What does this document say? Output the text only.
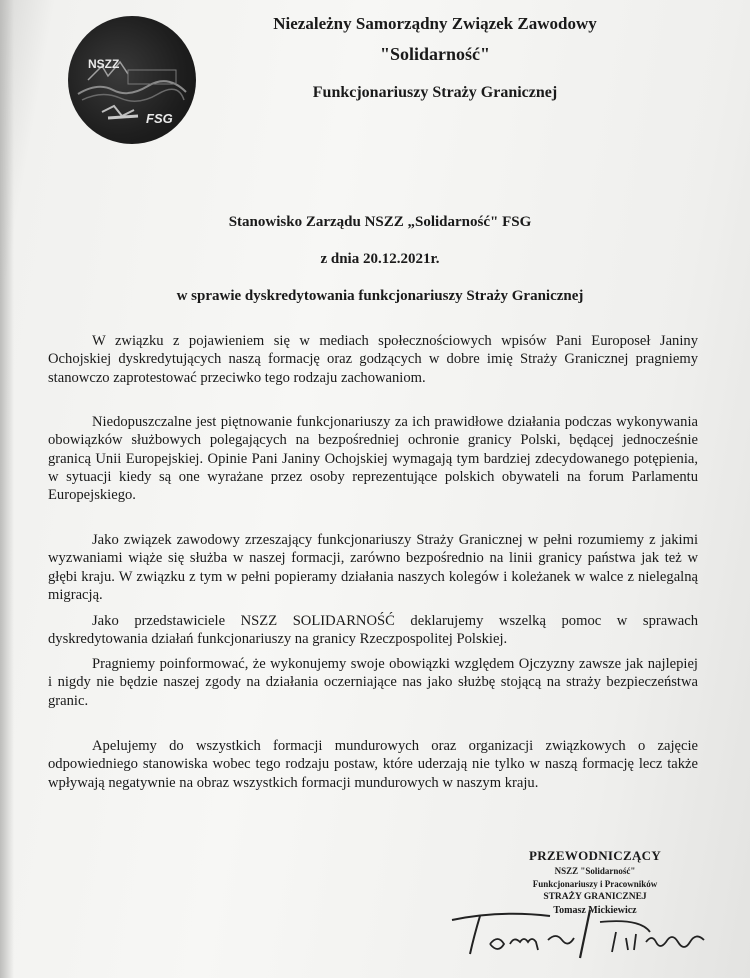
NSZZ
FSG
Niezależny Samorządny Związek Zawodowy
"Solidarność"
Funkcjonariuszy Straży Granicznej
Stanowisko Zarządu NSZZ „Solidarność" FSG
z dnia 20.12.2021r.
w sprawie dyskredytowania funkcjonariuszy Straży Granicznej

W związku z pojawieniem się w mediach społecznościowych wpisów Pani Europoseł Janiny Ochojskiej dyskredytujących naszą formację oraz godzących w dobre imię Straży Granicznej pragniemy stanowczo zaprotestować przeciwko tego rodzaju zachowaniom.

Niedopuszczalne jest piętnowanie funkcjonariuszy za ich prawidłowe działania podczas wykonywania obowiązków służbowych polegających na bezpośredniej ochronie granicy Polski, będącej jednocześnie granicą Unii Europejskiej. Opinie Pani Janiny Ochojskiej wymagają tym bardziej zdecydowanego potępienia, w sytuacji kiedy są one wyrażane przez osoby reprezentujące polskich obywateli na forum Parlamentu Europejskiego.

Jako związek zawodowy zrzeszający funkcjonariuszy Straży Granicznej w pełni rozumiemy z jakimi wyzwaniami wiąże się służba w naszej formacji, zarówno bezpośrednio na linii granicy państwa jak też w głębi kraju. W związku z tym w pełni popieramy działania naszych kolegów i koleżanek w walce z nielegalną migracją.

Jako przedstawiciele NSZZ SOLIDARNOŚĆ deklarujemy wszelką pomoc w sprawach dyskredytowania działań funkcjonariuszy na granicy Rzeczpospolitej Polskiej.

Pragniemy poinformować, że wykonujemy swoje obowiązki względem Ojczyzny zawsze jak najlepiej i nigdy nie będzie naszej zgody na działania oczerniające nas jako służbę stojącą na straży bezpieczeństwa granic.

Apelujemy do wszystkich formacji mundurowych oraz organizacji związkowych o zajęcie odpowiedniego stanowiska wobec tego rodzaju postaw, które uderzają nie tylko w naszą formację lecz także wpływają negatywnie na obraz wszystkich formacji mundurowych w naszym kraju.

PRZEWODNICZĄCY
NSZZ "Solidarność"
Funkcjonariuszy i Pracowników
STRAŻY GRANICZNEJ
Tomasz Mickiewicz
